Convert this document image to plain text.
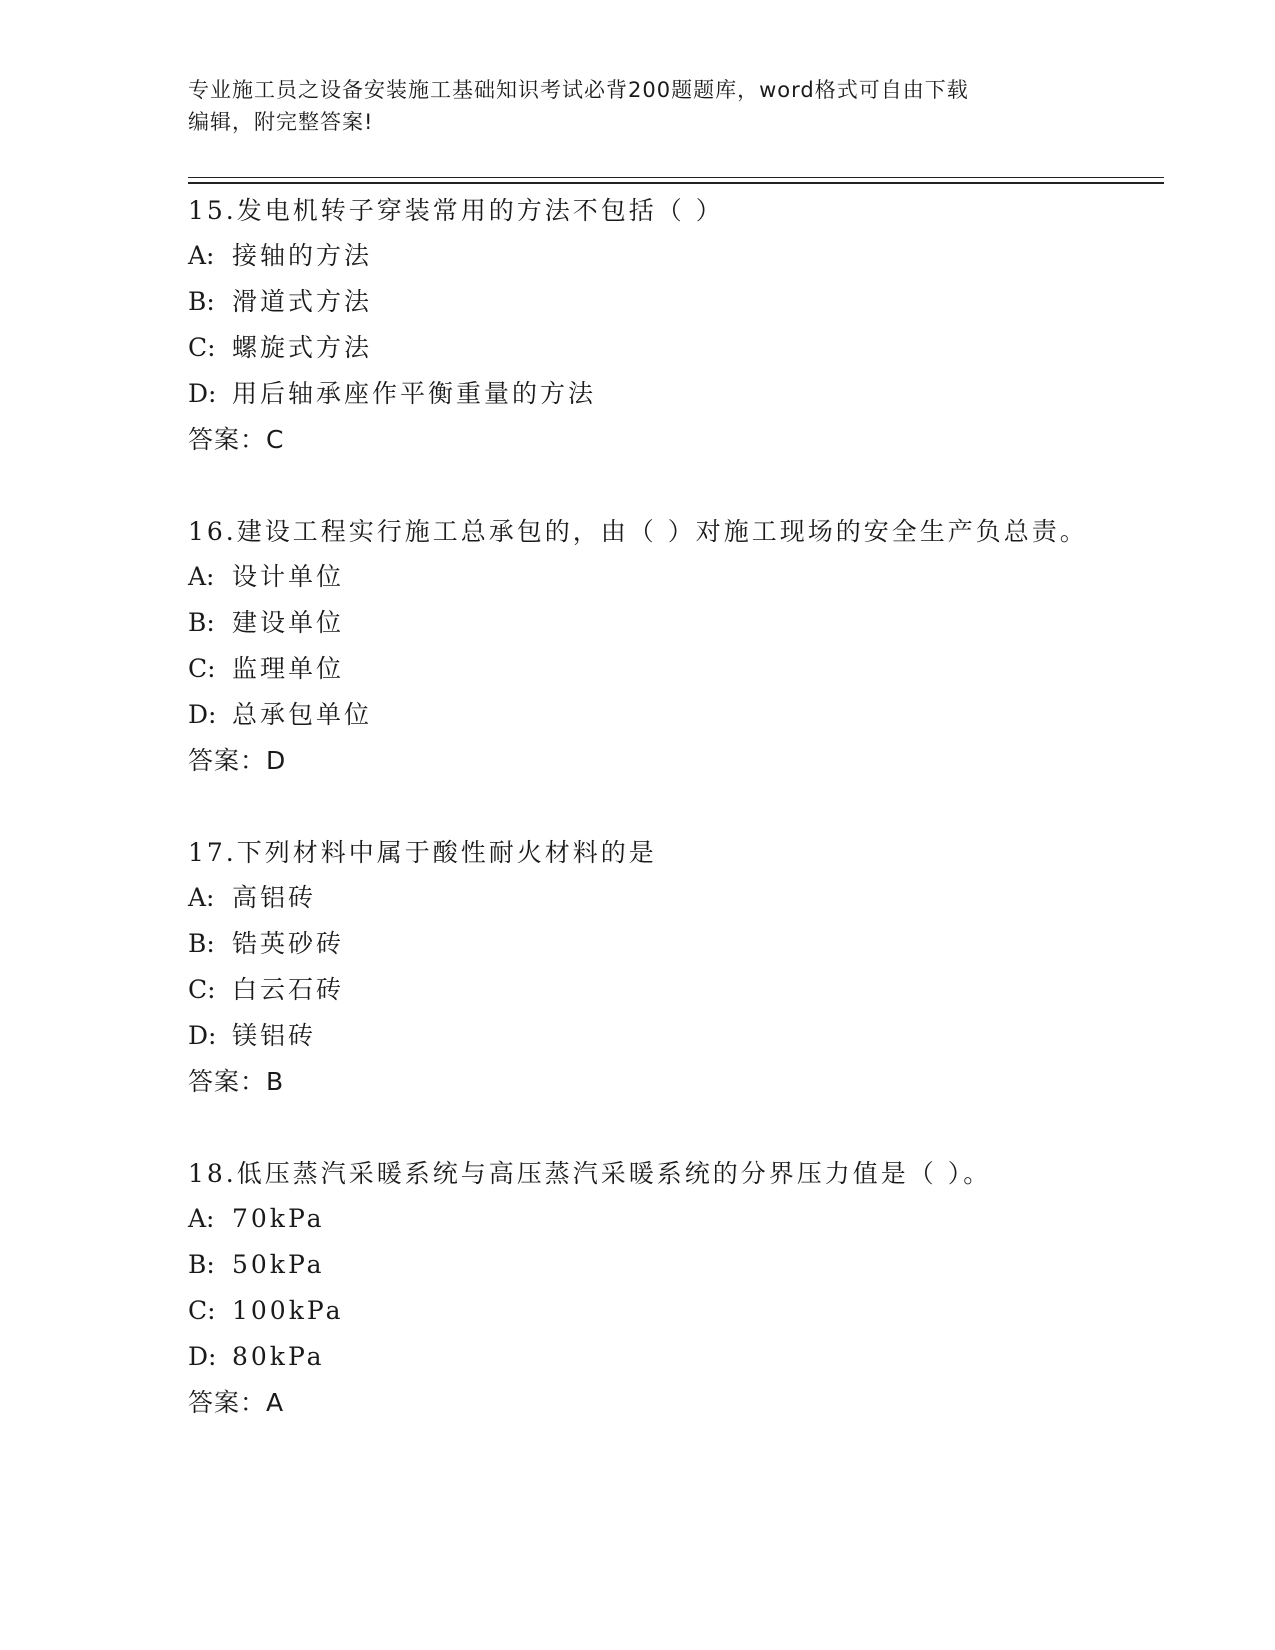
专业施工员之设备安装施工基础知识考试必背200题题库，word格式可自由下载
编辑，附完整答案!
15.发电机转子穿装常用的方法不包括（ ）
A: 接轴的方法
B: 滑道式方法
C: 螺旋式方法
D: 用后轴承座作平衡重量的方法
答案：C
16.建设工程实行施工总承包的，由（ ）对施工现场的安全生产负总责。
A: 设计单位
B: 建设单位
C: 监理单位
D: 总承包单位
答案：D
17.下列材料中属于酸性耐火材料的是
A: 高铝砖
B: 锆英砂砖
C: 白云石砖
D: 镁铝砖
答案：B
18.低压蒸汽采暖系统与高压蒸汽采暖系统的分界压力值是（ ）。
A: 70kPa
B: 50kPa
C: 100kPa
D: 80kPa
答案：A
